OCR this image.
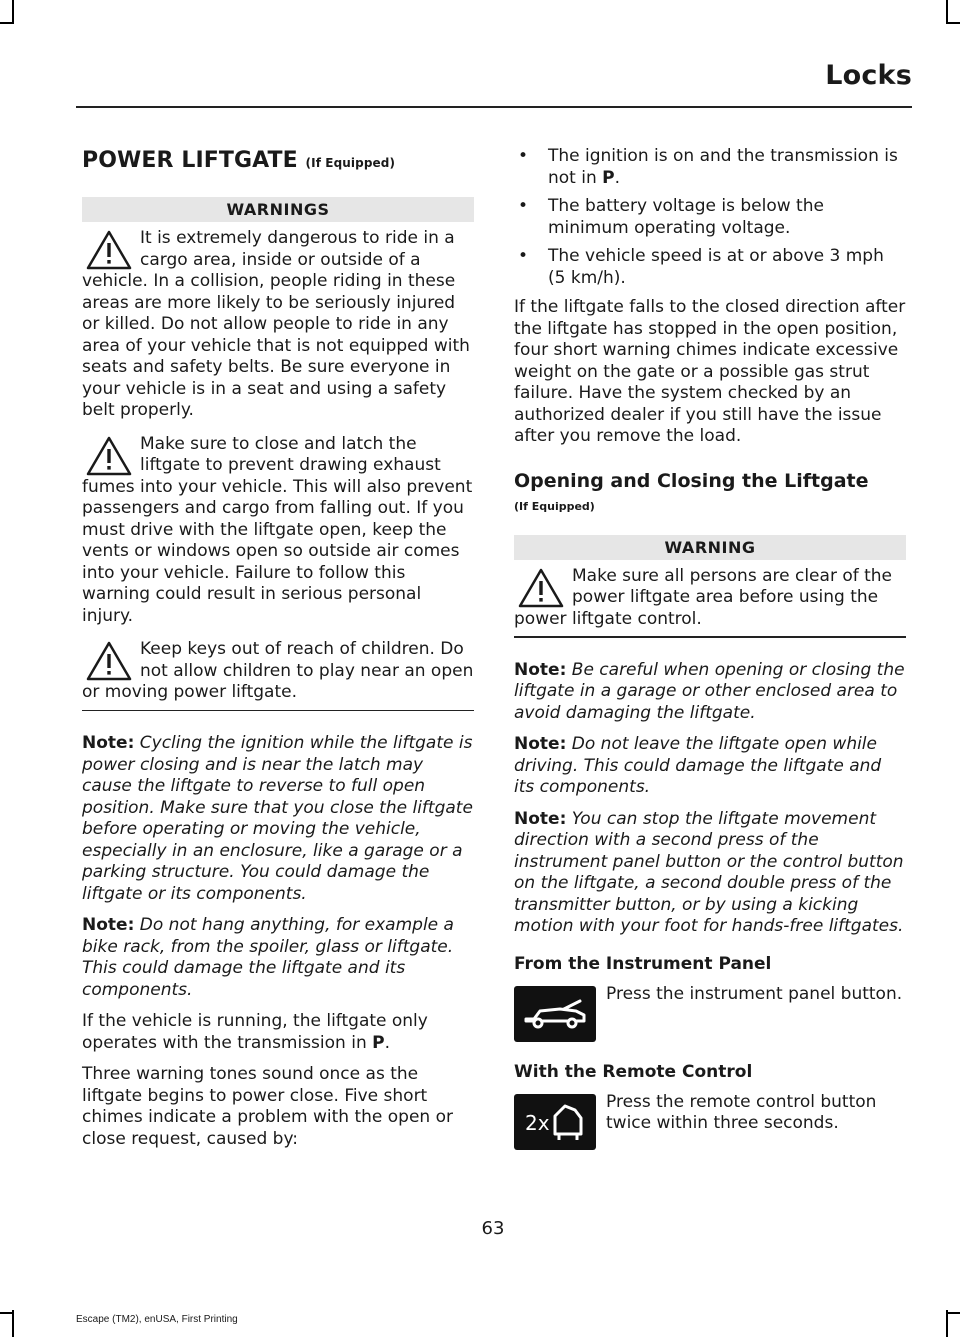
Locks
POWER LIFTGATE (If Equipped)
WARNINGS
It is extremely dangerous to ride in a cargo area, inside or outside of a vehicle. In a collision, people riding in these areas are more likely to be seriously injured or killed. Do not allow people to ride in any area of your vehicle that is not equipped with seats and safety belts. Be sure everyone in your vehicle is in a seat and using a safety belt properly.
Make sure to close and latch the liftgate to prevent drawing exhaust fumes into your vehicle. This will also prevent passengers and cargo from falling out. If you must drive with the liftgate open, keep the vents or windows open so outside air comes into your vehicle. Failure to follow this warning could result in serious personal injury.
Keep keys out of reach of children. Do not allow children to play near an open or moving power liftgate.

Note: Cycling the ignition while the liftgate is power closing and is near the latch may cause the liftgate to reverse to full open position. Make sure that you close the liftgate before operating or moving the vehicle, especially in an enclosure, like a garage or a parking structure. You could damage the liftgate or its components.

Note: Do not hang anything, for example a bike rack, from the spoiler, glass or liftgate. This could damage the liftgate and its components.

If the vehicle is running, the liftgate only operates with the transmission in P.

Three warning tones sound once as the liftgate begins to power close. Five short chimes indicate a problem with the open or close request, caused by:

• The ignition is on and the transmission is not in P.
• The battery voltage is below the minimum operating voltage.
• The vehicle speed is at or above 3 mph (5 km/h).

If the liftgate falls to the closed direction after the liftgate has stopped in the open position, four short warning chimes indicate excessive weight on the gate or a possible gas strut failure. Have the system checked by an authorized dealer if you still have the issue after you remove the load.

Opening and Closing the Liftgate
(If Equipped)
WARNING
Make sure all persons are clear of the power liftgate area before using the power liftgate control.

Note: Be careful when opening or closing the liftgate in a garage or other enclosed area to avoid damaging the liftgate.

Note: Do not leave the liftgate open while driving. This could damage the liftgate and its components.

Note: You can stop the liftgate movement direction with a second press of the instrument panel button or the control button on the liftgate, a second double press of the transmitter button, or by using a kicking motion with your foot for hands-free liftgates.

From the Instrument Panel

Press the instrument panel button.

With the Remote Control
2x

Press the remote control button twice within three seconds.

63
Escape (TM2), enUSA, First Printing
